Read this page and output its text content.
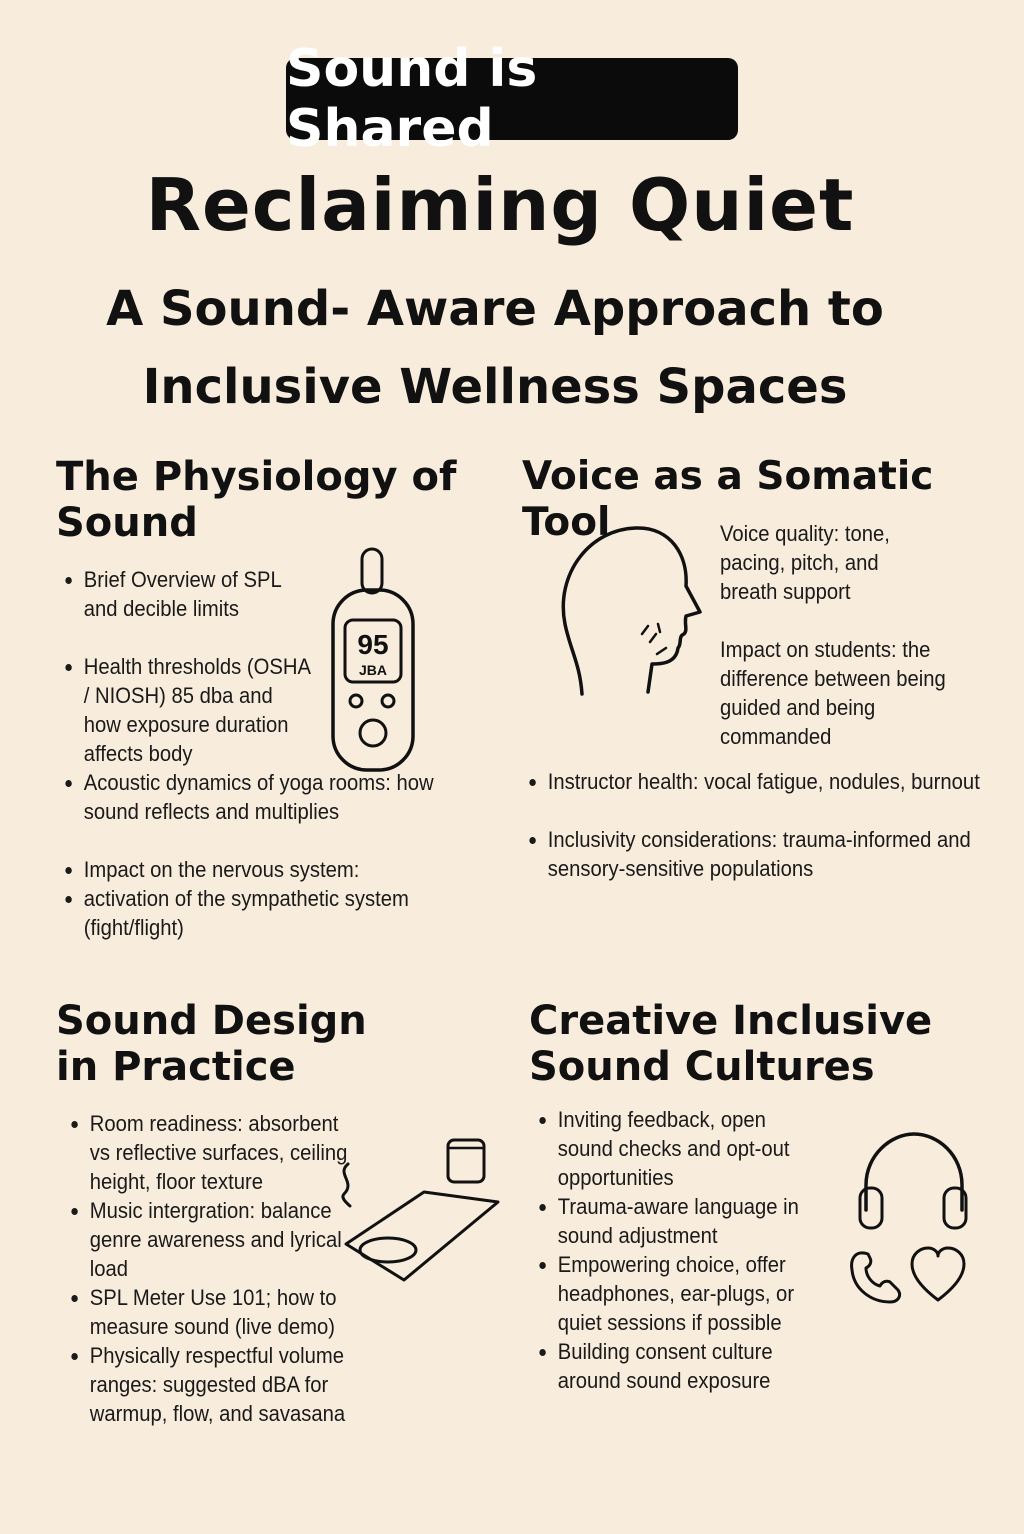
Sound is Shared
Reclaiming Quiet
A Sound- Aware Approach to
Inclusive Wellness Spaces
The Physiology of
Sound
• Brief Overview of SPL and decible limits
• Health thresholds (OSHA / NIOSH) 85 dba and how exposure duration affects body
• Acoustic dynamics of yoga rooms: how sound reflects and multiplies
• Impact on the nervous system:
• activation of the sympathetic system (fight/flight)
95
JBA
Voice as a Somatic Tool	Voice quality: tone, pacing, pitch, and breath support

Impact on students: the difference between being guided and being commanded

• Instructor health: vocal fatigue, nodules, burnout
• Inclusivity considerations: trauma-informed and sensory-sensitive populations
Sound Design
in Practice
• Room readiness: absorbent vs reflective surfaces, ceiling height, floor texture
• Music intergration: balance genre awareness and lyrical load
• SPL Meter Use 101; how to measure sound (live demo)
• Physically respectful volume ranges: suggested dBA for warmup, flow, and savasana
Creative Inclusive
Sound Cultures
• Inviting feedback, open sound checks and opt-out opportunities
• Trauma-aware language in sound adjustment
• Empowering choice, offer headphones, ear-plugs, or quiet sessions if possible
• Building consent culture around sound exposure
